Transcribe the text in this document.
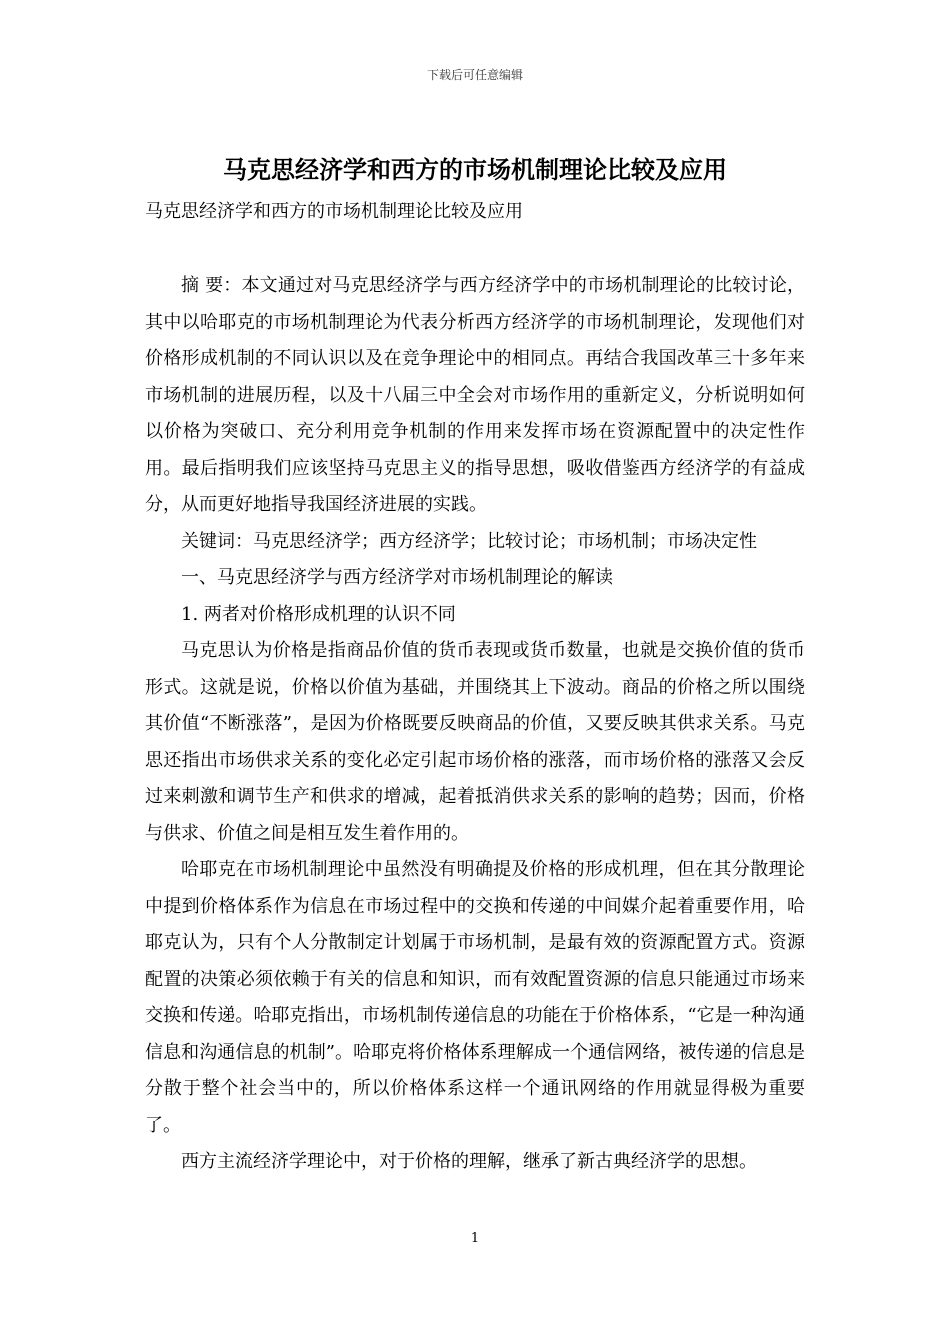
下载后可任意编辑
马克思经济学和西方的市场机制理论比较及应用

马克思经济学和西方的市场机制理论比较及应用

摘 要：本文通过对马克思经济学与西方经济学中的市场机制理论的比较讨论，其中以哈耶克的市场机制理论为代表分析西方经济学的市场机制理论，发现他们对价格形成机制的不同认识以及在竞争理论中的相同点。再结合我国改革三十多年来市场机制的进展历程，以及十八届三中全会对市场作用的重新定义，分析说明如何以价格为突破口、充分利用竞争机制的作用来发挥市场在资源配置中的决定性作用。最后指明我们应该坚持马克思主义的指导思想，吸收借鉴西方经济学的有益成分，从而更好地指导我国经济进展的实践。

关键词：马克思经济学；西方经济学；比较讨论；市场机制；市场决定性

一、马克思经济学与西方经济学对市场机制理论的解读

1. 两者对价格形成机理的认识不同

马克思认为价格是指商品价值的货币表现或货币数量，也就是交换价值的货币形式。这就是说，价格以价值为基础，并围绕其上下波动。商品的价格之所以围绕其价值“不断涨落”，是因为价格既要反映商品的价值，又要反映其供求关系。马克思还指出市场供求关系的变化必定引起市场价格的涨落，而市场价格的涨落又会反过来刺激和调节生产和供求的增减，起着抵消供求关系的影响的趋势；因而，价格与供求、价值之间是相互发生着作用的。

哈耶克在市场机制理论中虽然没有明确提及价格的形成机理，但在其分散理论中提到价格体系作为信息在市场过程中的交换和传递的中间媒介起着重要作用，哈耶克认为，只有个人分散制定计划属于市场机制，是最有效的资源配置方式。资源配置的决策必须依赖于有关的信息和知识，而有效配置资源的信息只能通过市场来交换和传递。哈耶克指出，市场机制传递信息的功能在于价格体系，“它是一种沟通信息和沟通信息的机制”。哈耶克将价格体系理解成一个通信网络，被传递的信息是分散于整个社会当中的，所以价格体系这样一个通讯网络的作用就显得极为重要了。

西方主流经济学理论中，对于价格的理解，继承了新古典经济学的思想。

1
